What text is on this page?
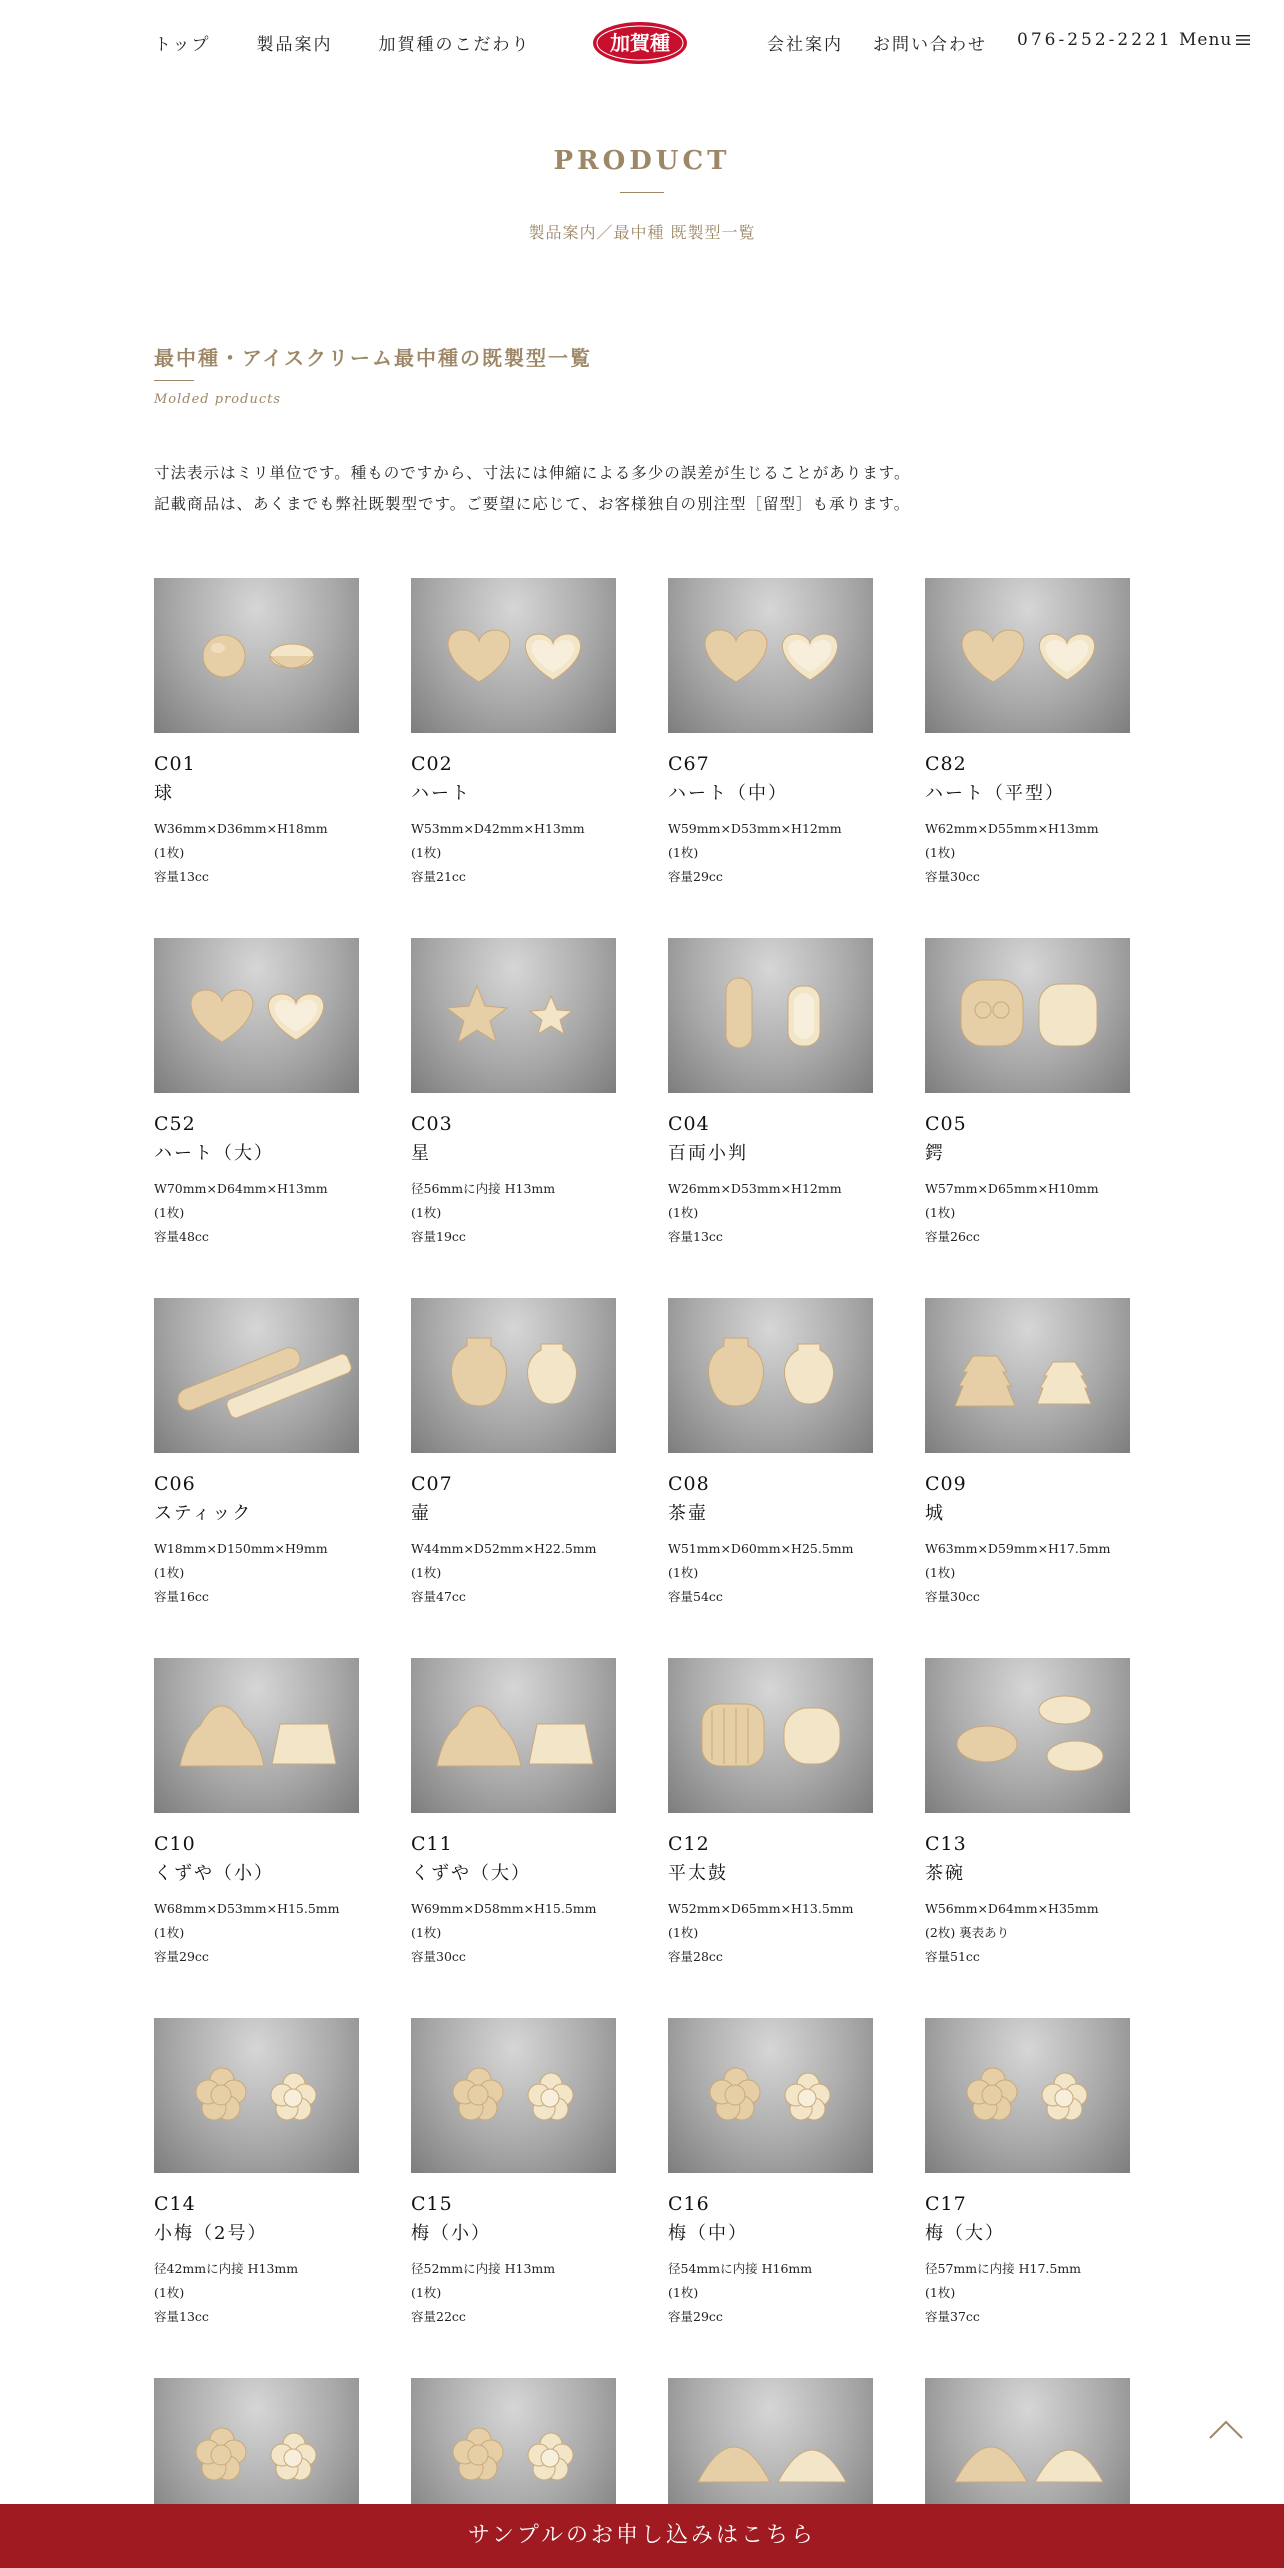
トップ	製品案内	加賀種のこだわり	加賀種	会社案内 お問い合わせ 076-252-2221 Menu
PRODUCT
製品案内／最中種 既製型一覧
最中種・アイスクリーム最中種の既製型一覧
Molded products

寸法表示はミリ単位です。種ものですから、寸法には伸縮による多少の誤差が生じることがあります。

記載商品は、あくまでも弊社既製型です。ご要望に応じて、お客様独自の別注型［留型］も承ります。

C01
球
W36mm×D36mm×H18mm
(1枚)
容量13cc
C02
ハート
W53mm×D42mm×H13mm
(1枚)
容量21cc
C67
ハート（中）
W59mm×D53mm×H12mm
(1枚)
容量29cc
C82
ハート（平型）
W62mm×D55mm×H13mm
(1枚)
容量30cc
C52
ハート（大）
W70mm×D64mm×H13mm
(1枚)
容量48cc
C03
星
径56mmに内接 H13mm
(1枚)
容量19cc
C04
百両小判
W26mm×D53mm×H12mm
(1枚)
容量13cc
C05
鍔
W57mm×D65mm×H10mm
(1枚)
容量26cc
C06
スティック
W18mm×D150mm×H9mm
(1枚)
容量16cc
C07
壷
W44mm×D52mm×H22.5mm
(1枚)
容量47cc
C08
茶壷
W51mm×D60mm×H25.5mm
(1枚)
容量54cc
C09
城
W63mm×D59mm×H17.5mm
(1枚)
容量30cc
C10
くずや（小）
W68mm×D53mm×H15.5mm
(1枚)
容量29cc
C11
くずや（大）
W69mm×D58mm×H15.5mm
(1枚)
容量30cc
C12
平太鼓
W52mm×D65mm×H13.5mm
(1枚)
容量28cc
C13
茶碗
W56mm×D64mm×H35mm
(2枚) 裏表あり
容量51cc
C14
小梅（2号）
径42mmに内接 H13mm
(1枚)
容量13cc
C15
梅（小）
径52mmに内接 H13mm
(1枚)
容量22cc
C16
梅（中）
径54mmに内接 H16mm
(1枚)
容量29cc
C17
梅（大）
径57mmに内接 H17.5mm
(1枚)
容量37cc
サンプルのお申し込みはこちら
